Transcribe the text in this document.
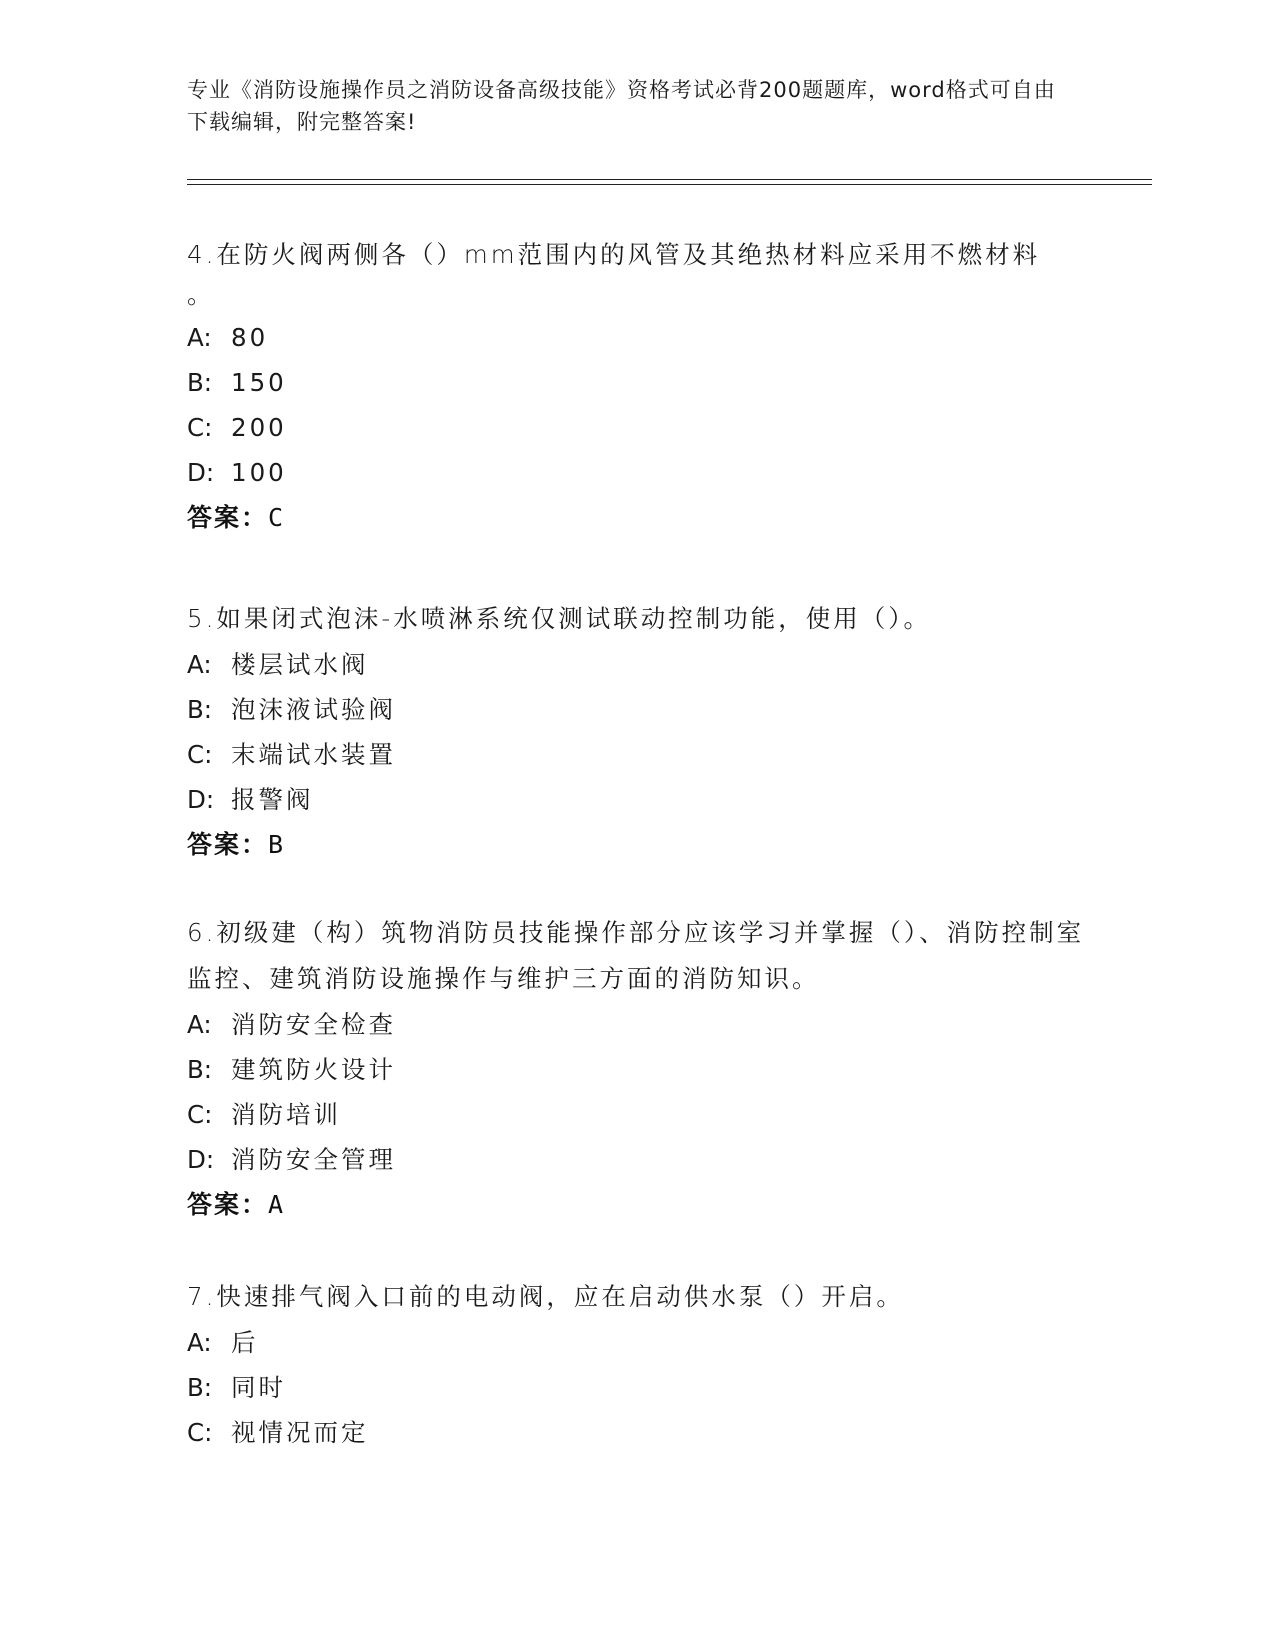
专业《消防设施操作员之消防设备高级技能》资格考试必背200题题库，word格式可自由下载编辑，附完整答案!

4.在防火阀两侧各（）mm范围内的风管及其绝热材料应采用不燃材料

。

A: 80

B: 150

C: 200

D: 100

答案：C

5.如果闭式泡沫-水喷淋系统仅测试联动控制功能，使用（）。

A: 楼层试水阀

B: 泡沫液试验阀

C: 末端试水装置

D: 报警阀

答案：B

6.初级建（构）筑物消防员技能操作部分应该学习并掌握（）、消防控制室监控、建筑消防设施操作与维护三方面的消防知识。

A: 消防安全检查

B: 建筑防火设计

C: 消防培训

D: 消防安全管理

答案：A

7.快速排气阀入口前的电动阀，应在启动供水泵（）开启。

A: 后

B: 同时

C: 视情况而定
